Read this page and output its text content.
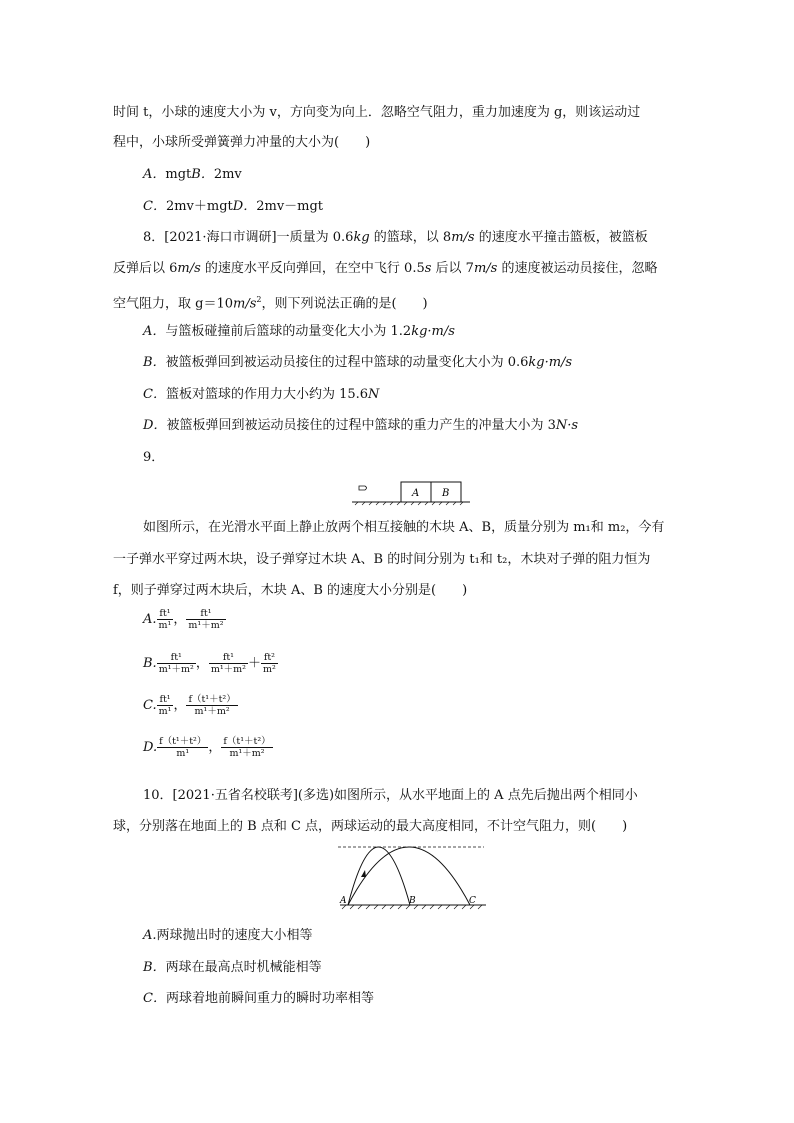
时间 t，小球的速度大小为 v，方向变为向上．忽略空气阻力，重力加速度为 g，则该运动过
程中，小球所受弹簧弹力冲量的大小为(　　)
A．mgtB．2mv
C．2mv＋mgtD．2mv－mgt
8．[2021·海口市调研]一质量为 0.6kg 的篮球，以 8m/s 的速度水平撞击篮板，被篮板
反弹后以 6m/s 的速度水平反向弹回，在空中飞行 0.5s 后以 7m/s 的速度被运动员接住，忽略
空气阻力，取 $g=10m/s^2$，则下列说法正确的是(　　)
A．与篮板碰撞前后篮球的动量变化大小为 1.2kg·m/s
B．被篮板弹回到被运动员接住的过程中篮球的动量变化大小为 0.6kg·m/s
C．篮板对篮球的作用力大小约为 15.6N
D．被篮板弹回到被运动员接住的过程中篮球的重力产生的冲量大小为 3N·s
9．
A B
如图所示，在光滑水平面上静止放两个相互接触的木块 A、B，质量分别为 m₁和 m₂，今有
一子弹水平穿过两木块，设子弹穿过木块 A、B 的时间分别为 t₁和 t₂，木块对子弹的阻力恒为
f，则子弹穿过两木块后，木块 A、B 的速度大小分别是(　　)
A. $\frac{\text{ft¹}}{\text{m¹}}$ ， $\frac{\text{ft¹}}{\text{m¹＋m²}}$
B. $\frac{\text{ft¹}}{\text{m¹＋m²}}$ ， $\frac{\text{ft¹}}{\text{m¹＋m²}} + \frac{\text{ft²}}{\text{m²}}$
C. $\frac{\text{ft¹}}{\text{m¹}}$ ， $\frac{\text{f（t¹＋t²）}}{\text{m¹＋m²}}$
D. $\frac{\text{f（t¹＋t²）}}{\text{m¹}}$ ， $\frac{\text{f（t¹＋t²）}}{\text{m¹＋m²}}$
10．[2021·五省名校联考](多选)如图所示，从水平地面上的 A 点先后抛出两个相同小
球，分别落在地面上的 B 点和 C 点，两球运动的最大高度相同，不计空气阻力，则(　　)
A	B	C
A.两球抛出时的速度大小相等
B．两球在最高点时机械能相等
C．两球着地前瞬间重力的瞬时功率相等
